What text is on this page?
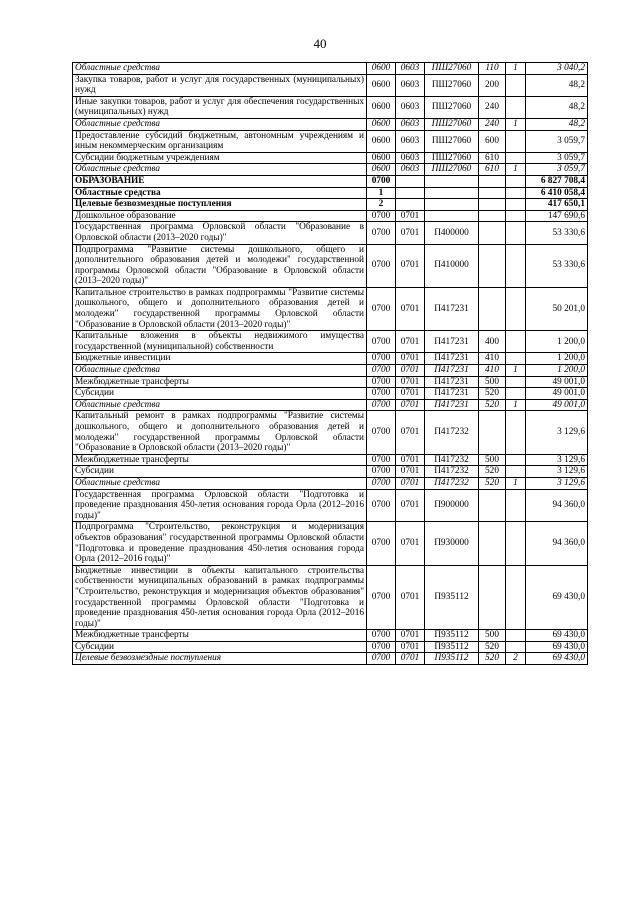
40
Областные средства	0600	0603	ПШ27060	110	1	3 040,2
Закупка товаров, работ и услуг для государственных (муниципальных) нужд	0600	0603	ПШ27060	200		48,2
Иные закупки товаров, работ и услуг для обеспечения государственных (муниципальных) нужд	0600	0603	ПШ27060	240		48,2
Областные средства	0600	0603	ПШ27060	240	1	48,2
Предоставление субсидий бюджетным, автономным учреждениям и иным некоммерческим организациям	0600	0603	ПШ27060	600		3 059,7
Субсидии бюджетным учреждениям	0600	0603	ПШ27060	610		3 059,7
Областные средства	0600	0603	ПШ27060	610	1	3 059,7
ОБРАЗОВАНИЕ	0700					6 827 708,4
Областные средства	1					6 410 058,4
Целевые безвозмездные поступления	2					417 650,1
Дошкольное образование	0700	0701				147 690,6
Государственная программа Орловской области "Образование в Орловской области (2013–2020 годы)"	0700	0701	П400000			53 330,6
Подпрограмма "Развитие системы дошкольного, общего и дополнительного образования детей и молодежи" государственной программы Орловской области "Образование в Орловской области (2013–2020 годы)"	0700	0701	П410000			53 330,6
Капитальное строительство в рамках подпрограммы "Развитие системы дошкольного, общего и дополнительного образования детей и молодежи" государственной программы Орловской области "Образование в Орловской области (2013–2020 годы)"	0700	0701	П417231			50 201,0
Капитальные вложения в объекты недвижимого имущества государственной (муниципальной) собственности	0700	0701	П417231	400		1 200,0
Бюджетные инвестиции	0700	0701	П417231	410		1 200,0
Областные средства	0700	0701	П417231	410	1	1 200,0
Межбюджетные трансферты	0700	0701	П417231	500		49 001,0
Субсидии	0700	0701	П417231	520		49 001,0
Областные средства	0700	0701	П417231	520	1	49 001,0
Капитальный ремонт в рамках подпрограммы "Развитие системы дошкольного, общего и дополнительного образования детей и молодежи" государственной программы Орловской области "Образование в Орловской области (2013–2020 годы)"	0700	0701	П417232			3 129,6
Межбюджетные трансферты	0700	0701	П417232	500		3 129,6
Субсидии	0700	0701	П417232	520		3 129,6
Областные средства	0700	0701	П417232	520	1	3 129,6
Государственная программа Орловской области "Подготовка и проведение празднования 450-летия основания города Орла (2012–2016 годы)"	0700	0701	П900000			94 360,0
Подпрограмма "Строительство, реконструкция и модернизация объектов образования" государственной программы Орловской области "Подготовка и проведение празднования 450-летия основания города Орла (2012–2016 годы)"	0700	0701	П930000			94 360,0
Бюджетные инвестиции в объекты капитального строительства собственности муниципальных образований в рамках подпрограммы "Строительство, реконструкция и модернизация объектов образования" государственной программы Орловской области "Подготовка и проведение празднования 450-летия основания города Орла (2012–2016 годы)"	0700	0701	П935112			69 430,0
Межбюджетные трансферты	0700	0701	П935112	500		69 430,0
Субсидии	0700	0701	П935112	520		69 430,0
Целевые безвозмездные поступления	0700	0701	П935112	520	2	69 430,0
